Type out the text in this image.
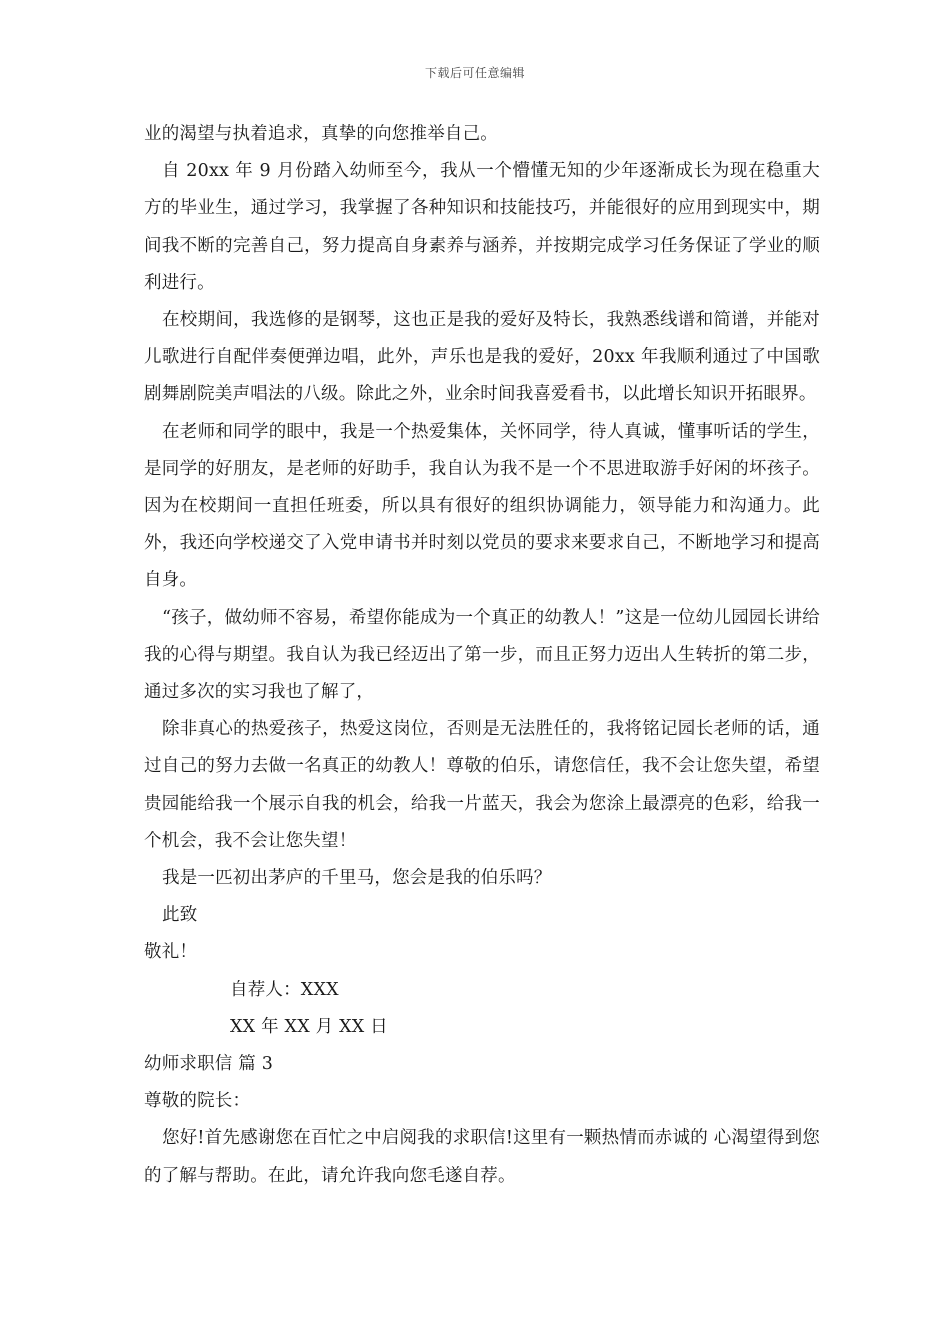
下载后可任意编辑

业的渴望与执着追求，真挚的向您推举自己。

自 20xx 年 9 月份踏入幼师至今，我从一个懵懂无知的少年逐渐成长为现在稳重大方的毕业生，通过学习，我掌握了各种知识和技能技巧，并能很好的应用到现实中，期间我不断的完善自己，努力提高自身素养与涵养，并按期完成学习任务保证了学业的顺利进行。

在校期间，我选修的是钢琴，这也正是我的爱好及特长，我熟悉线谱和简谱，并能对儿歌进行自配伴奏便弹边唱，此外，声乐也是我的爱好，20xx 年我顺利通过了中国歌剧舞剧院美声唱法的八级。除此之外，业余时间我喜爱看书，以此增长知识开拓眼界。

在老师和同学的眼中，我是一个热爱集体，关怀同学，待人真诚，懂事听话的学生，是同学的好朋友，是老师的好助手，我自认为我不是一个不思进取游手好闲的坏孩子。因为在校期间一直担任班委，所以具有很好的组织协调能力，领导能力和沟通力。此外，我还向学校递交了入党申请书并时刻以党员的要求来要求自己，不断地学习和提高自身。

“孩子，做幼师不容易，希望你能成为一个真正的幼教人！”这是一位幼儿园园长讲给我的心得与期望。我自认为我已经迈出了第一步，而且正努力迈出人生转折的第二步，通过多次的实习我也了解了，

除非真心的热爱孩子，热爱这岗位，否则是无法胜任的，我将铭记园长老师的话，通过自己的努力去做一名真正的幼教人！尊敬的伯乐，请您信任，我不会让您失望，希望贵园能给我一个展示自我的机会，给我一片蓝天，我会为您涂上最漂亮的色彩，给我一个机会，我不会让您失望！

我是一匹初出茅庐的千里马，您会是我的伯乐吗？

此致

敬礼！

自荐人：XXX

XX 年 XX 月 XX 日

幼师求职信 篇 3

尊敬的院长：

您好!首先感谢您在百忙之中启阅我的求职信!这里有一颗热情而赤诚的 心渴望得到您的了解与帮助。在此，请允许我向您毛遂自荐。
